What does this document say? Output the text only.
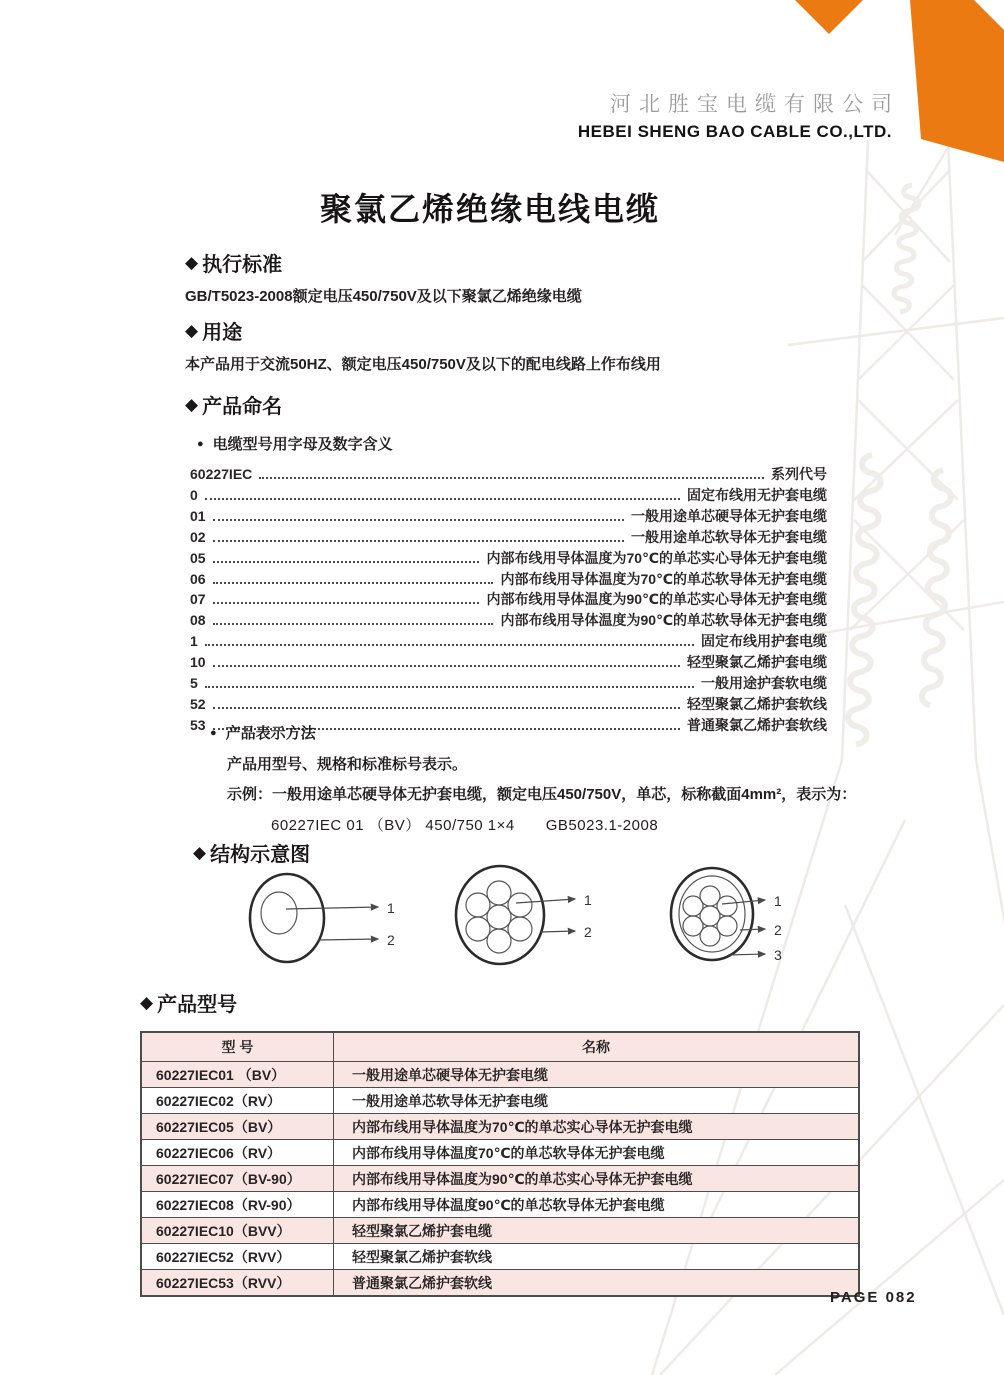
河北胜宝电缆有限公司
HEBEI SHENG BAO CABLE CO.,LTD.
聚氯乙烯绝缘电线电缆
◆ 执行标准
GB/T5023-2008额定电压450/750V及以下聚氯乙烯绝缘电缆
◆ 用途
本产品用于交流50HZ、额定电压450/750V及以下的配电线路上作布线用
◆ 产品命名
● 电缆型号用字母及数字含义
60227IEC	系列代号
0	固定布线用无护套电缆
01	一般用途单芯硬导体无护套电缆
02	一般用途单芯软导体无护套电缆
05	内部布线用导体温度为70℃的单芯实心导体无护套电缆
06	内部布线用导体温度为70℃的单芯软导体无护套电缆
07	内部布线用导体温度为90℃的单芯实心导体无护套电缆
08	内部布线用导体温度为90℃的单芯软导体无护套电缆
1	固定布线用护套电缆
10	轻型聚氯乙烯护套电缆
5	一般用途护套软电缆
52	轻型聚氯乙烯护套软线
53	普通聚氯乙烯护套软线
● 产品表示方法
产品用型号、规格和标准标号表示。
示例：一般用途单芯硬导体无护套电缆，额定电压450/750V，单芯，标称截面4mm²，表示为：
60227IEC 01 （BV） 450/750 1×4　　GB5023.1-2008
◆ 结构示意图
1
2
1
2
1
2
3
◆ 产品型号
型 号	名称
60227IEC01 （BV）	一般用途单芯硬导体无护套电缆
60227IEC02（RV）	一般用途单芯软导体无护套电缆
60227IEC05（BV）	内部布线用导体温度为70℃的单芯实心导体无护套电缆
60227IEC06（RV）	内部布线用导体温度70℃的单芯软导体无护套电缆
60227IEC07（BV-90）	内部布线用导体温度为90℃的单芯实心导体无护套电缆
60227IEC08（RV-90）	内部布线用导体温度90℃的单芯软导体无护套电缆
60227IEC10（BVV）	轻型聚氯乙烯护套电缆
60227IEC52（RVV）	轻型聚氯乙烯护套软线
60227IEC53（RVV）	普通聚氯乙烯护套软线
PAGE 082
